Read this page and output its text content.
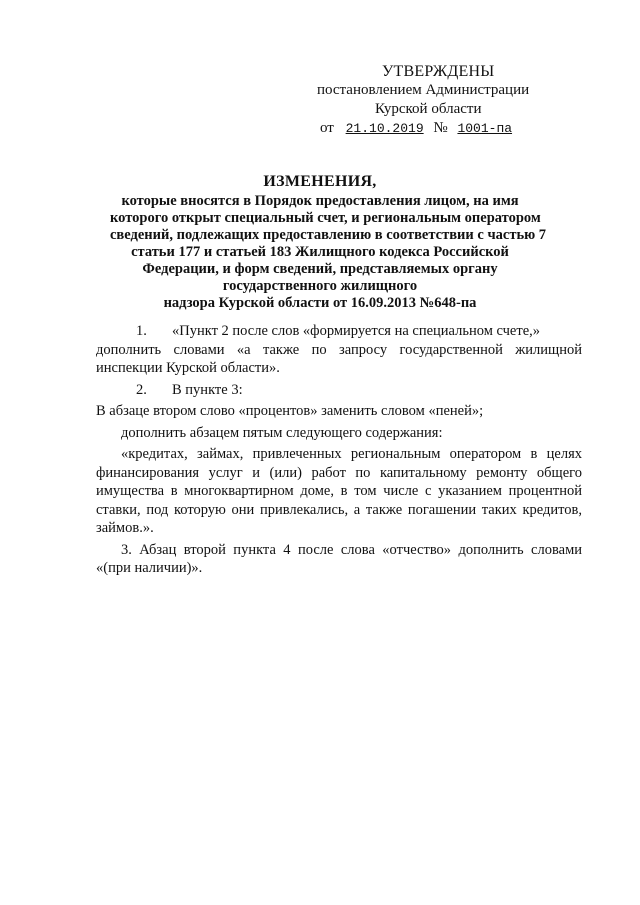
УТВЕРЖДЕНЫ
постановлением Администрации
Курской области
от 21.10.2019 № 1001-па
ИЗМЕНЕНИЯ,
которые вносятся в Порядок предоставления лицом, на имя
которого открыт специальный счет, и региональным оператором
сведений, подлежащих предоставлению в соответствии с частью 7
статьи 177 и статьей 183 Жилищного кодекса Российской
Федерации, и форм сведений, представляемых органу
государственного жилищного
надзора Курской области от 16.09.2013 №648-па
1. «Пункт 2 после слов «формируется на специальном счете,»
дополнить словами «а также по запросу государственной жилищной
инспекции Курской области».
2. В пункте 3:
В абзаце втором слово «процентов» заменить словом «пеней»;
дополнить абзацем пятым следующего содержания:
«кредитах, займах, привлеченных региональным оператором в целях
финансирования услуг и (или) работ по капитальному ремонту общего
имущества в многоквартирном доме, в том числе с указанием процентной
ставки, под которую они привлекались, а также погашении таких кредитов,
займов.».
3. Абзац второй пункта 4 после слова «отчество» дополнить словами
«(при наличии)».
